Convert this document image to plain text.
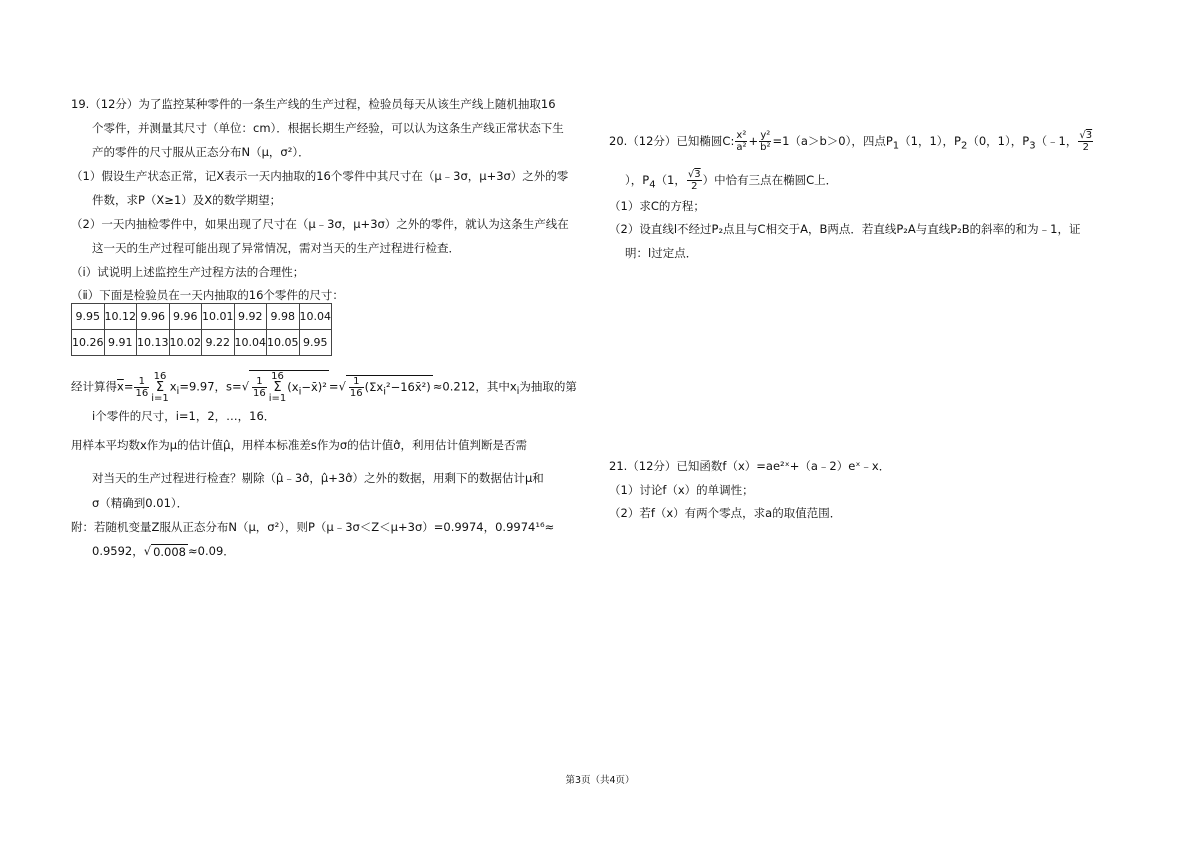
19.（12分）为了监控某种零件的一条生产线的生产过程，检验员每天从该生产线上随机抽取16
个零件，并测量其尺寸（单位：cm）．根据长期生产经验，可以认为这条生产线正常状态下生
产的零件的尺寸服从正态分布N（μ，σ²）．
（1）假设生产状态正常，记X表示一天内抽取的16个零件中其尺寸在（μ﹣3σ，μ+3σ）之外的零
件数，求P（X≥1）及X的数学期望；
（2）一天内抽检零件中，如果出现了尺寸在（μ﹣3σ，μ+3σ）之外的零件，就认为这条生产线在
这一天的生产过程可能出现了异常情况，需对当天的生产过程进行检查．
（ⅰ）试说明上述监控生产过程方法的合理性；
（ⅱ）下面是检验员在一天内抽取的16个零件的尺寸：
9.95	10.12	9.96	9.96	10.01	9.92	9.98	10.04
10.26	9.91	10.13	10.02	9.22	10.04	10.05	9.95
经计算得$\overline{x}= \frac{1}{16} 16$
Σ
$i=1x_i=9.97$，$s=√ \frac{1}{16} 16$
Σ
$i=1(x_i-x̄)^2$ =√ $\frac{1}{16}$ $(\Sigma x_i^2-16x̄^2) \approx 0.212$，其中$x_i$为抽取的第
i个零件的尺寸，i=1，2，…，16．
用样本平均数x作为μ的估计值μ̂，用样本标准差s作为σ的估计值σ̂，利用估计值判断是否需
对当天的生产过程进行检查？剔除（μ̂﹣3σ̂，μ̂+3σ̂）之外的数据，用剩下的数据估计μ和
σ（精确到0.01）．
附：若随机变量Z服从正态分布N（μ，σ²），则P（μ﹣3σ＜Z＜μ+3σ）=0.9974，0.9974¹⁶≈
0.9592，√ 0.008 ≈0.09．
20.（12分）已知椭圆C: $\frac{\text{x²}}{\text{a²}} + \frac{\text{y²}}{\text{b²}} =1(a>b>0)$，四点$P_1(1$，1），$P_2(0$，1），$P_3(﹣1$， $\frac{√3}{2}$
），$P_4(1$， $\frac{√3}{2}$ ）中恰有三点在椭圆C上．
（1）求C的方程；
（2）设直线l不经过P₂点且与C相交于A，B两点．若直线P₂A与直线P₂B的斜率的和为﹣1，证
明：l过定点．
21.（12分）已知函数f（x）=ae²ˣ+（a﹣2）eˣ﹣x．
（1）讨论f（x）的单调性；
（2）若f（x）有两个零点，求a的取值范围．
第3页（共4页）
